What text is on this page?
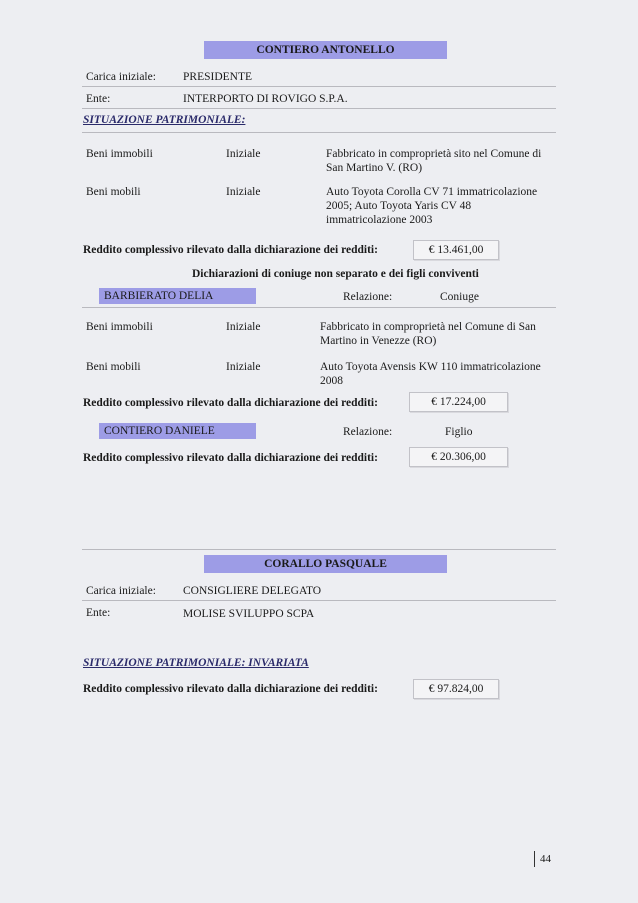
CONTIERO ANTONELLO
Carica iniziale: PRESIDENTE
Ente:	INTERPORTO DI ROVIGO S.P.A.
SITUAZIONE PATRIMONIALE:
Beni immobili	Iniziale	Fabbricato in comproprietà sito nel Comune di San Martino V. (RO)
Beni mobili	Iniziale	Auto Toyota Corolla CV 71 immatricolazione 2005; Auto Toyota Yaris CV 48 immatricolazione 2003
Reddito complessivo rilevato dalla dichiarazione dei redditi:	€ 13.461,00
Dichiarazioni di coniuge non separato e dei figli conviventi
BARBIERATO DELIA	Relazione:	Coniuge
Beni immobili	Iniziale	Fabbricato in comproprietà nel Comune di San Martino in Venezze (RO)
Beni mobili	Iniziale	Auto Toyota Avensis KW 110 immatricolazione 2008
Reddito complessivo rilevato dalla dichiarazione dei redditi:	€ 17.224,00
CONTIERO DANIELE	Relazione:	Figlio
Reddito complessivo rilevato dalla dichiarazione dei redditi:	€ 20.306,00
CORALLO PASQUALE
Carica iniziale: CONSIGLIERE DELEGATO
Ente:	MOLISE SVILUPPO SCPA
SITUAZIONE PATRIMONIALE: INVARIATA
Reddito complessivo rilevato dalla dichiarazione dei redditi:	€ 97.824,00
44
